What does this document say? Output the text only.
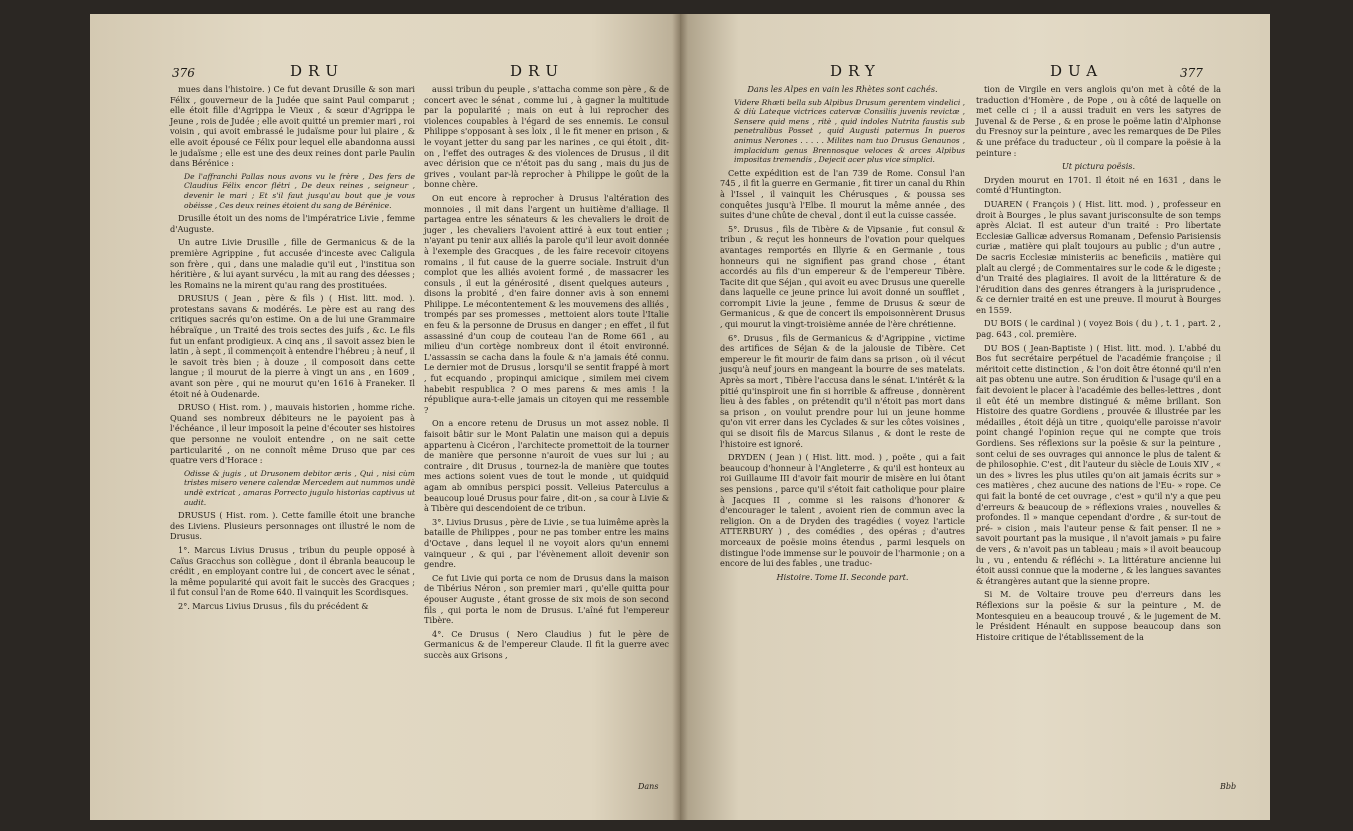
376	DRU	DRU

mues dans l'histoire. ) Ce fut devant Drusille & son mari Félix , gouverneur de la Judée que saint Paul comparut ; elle étoit fille d'Agrippa le Vieux , & sœur d'Agrippa le Jeune , rois de Judée ; elle avoit quitté un premier mari , roi voisin , qui avoit embrassé le judaïsme pour lui plaire , & elle avoit épousé ce Félix pour lequel elle abandonna aussi le judaïsme ; elle est une des deux reines dont parle Paulin dans Bérénice :

De l'affranchi Pallas nous avons vu le frère , Des fers de Claudius Félix encor flétri , De deux reines , seigneur , devenir le mari ; Et s'il faut jusqu'au bout que je vous obéisse , Ces deux reines étoient du sang de Bérénice.

Drusille étoit un des noms de l'impératrice Livie , femme d'Auguste.

Un autre Livie Drusille , fille de Germanicus & de la première Agrippine , fut accusée d'inceste avec Caligula son frère , qui , dans une maladie qu'il eut , l'institua son héritière , & lui ayant survécu , la mit au rang des déesses ; les Romains ne la mirent qu'au rang des prostituées.

DRUSIUS ( Jean , père & fils ) ( Hist. litt. mod. ). protestans savans & modérés. Le père est au rang des critiques sacrés qu'on estime. On a de lui une Grammaire hébraïque , un Traité des trois sectes des juifs , &c. Le fils fut un enfant prodigieux. A cinq ans , il savoit assez bien le latin , à sept , il commençoit à entendre l'hébreu ; à neuf , il le savoit très bien ; à douze , il composoit dans cette langue ; il mourut de la pierre à vingt un ans , en 1609 , avant son père , qui ne mourut qu'en 1616 à Franeker. Il étoit né à Oudenarde.

DRUSO ( Hist. rom. ) , mauvais historien , homme riche. Quand ses nombreux débiteurs ne le payoient pas à l'échéance , il leur imposoit la peine d'écouter ses histoires que personne ne vouloit entendre , on ne sait cette particularité , on ne connoît même Druso que par ces quatre vers d'Horace :

Odisse & jugis , ut Drusonem debitor æris , Qui , nisi cùm tristes misero venere calendæ Mercedem aut nummos undè undè extricat , amaras Porrecto jugulo historias captivus ut audit.

DRUSUS ( Hist. rom. ). Cette famille étoit une branche des Liviens. Plusieurs personnages ont illustré le nom de Drusus.

1°. Marcus Livius Drusus , tribun du peuple opposé à Caïus Gracchus son collègue , dont il ébranla beaucoup le crédit , en employant contre lui , de concert avec le sénat , la même popularité qui avoit fait le succès des Gracques ; il fut consul l'an de Rome 640. Il vainquit les Scordisques.

2°. Marcus Livius Drusus , fils du précédent &

aussi tribun du peuple , s'attacha comme son père , & de concert avec le sénat , comme lui , à gagner la multitude par la popularité ; mais on eut à lui reprocher des violences coupables à l'égard de ses ennemis. Le consul Philippe s'opposant à ses loix , il le fit mener en prison , & le voyant jetter du sang par les narines , ce qui étoit , dit-on , l'effet des outrages & des violences de Drusus , il dit avec dérision que ce n'étoit pas du sang , mais du jus de grives , voulant par-là reprocher à Philippe le goût de la bonne chère.

On eut encore à reprocher à Drusus l'altération des monnoies , il mit dans l'argent un huitième d'alliage. Il partagea entre les sénateurs & les chevaliers le droit de juger , les chevaliers l'avoient attiré à eux tout entier ; n'ayant pu tenir aux alliés la parole qu'il leur avoit donnée à l'exemple des Gracques , de les faire recevoir citoyens romains , il fut cause de la guerre sociale. Instruit d'un complot que les alliés avoient formé , de massacrer les consuls , il eut la générosité , disent quelques auteurs , disons la probité , d'en faire donner avis à son ennemi Philippe. Le mécontentement & les mouvemens des alliés , trompés par ses promesses , mettoient alors toute l'Italie en feu & la personne de Drusus en danger ; en effet , il fut assassiné d'un coup de couteau l'an de Rome 661 , au milieu d'un cortège nombreux dont il étoit environné. L'assassin se cacha dans la foule & n'a jamais été connu. Le dernier mot de Drusus , lorsqu'il se sentit frappé à mort , fut ecquando , propinqui amicique , similem mei civem habebit respublica ? O mes parens & mes amis ! la république aura-t-elle jamais un citoyen qui me ressemble ?

On a encore retenu de Drusus un mot assez noble. Il faisoit bâtir sur le Mont Palatin une maison qui a depuis appartenu à Cicéron , l'architecte promettoit de la tourner de manière que personne n'auroit de vues sur lui ; au contraire , dit Drusus , tournez-la de manière que toutes mes actions soient vues de tout le monde , ut quidquid agam ab omnibus perspici possit. Velleius Paterculus a beaucoup loué Drusus pour faire , dit-on , sa cour à Livie & à Tibère qui descendoient de ce tribun.

3°. Livius Drusus , père de Livie , se tua luimême après la bataille de Philippes , pour ne pas tomber entre les mains d'Octave , dans lequel il ne voyoit alors qu'un ennemi vainqueur , & qui , par l'évènement alloit devenir son gendre.

Ce fut Livie qui porta ce nom de Drusus dans la maison de Tibérius Néron , son premier mari , qu'elle quitta pour épouser Auguste , étant grosse de six mois de son second fils , qui porta le nom de Drusus. L'aîné fut l'empereur Tibère.

4°. Ce Drusus ( Nero Claudius ) fut le père de Germanicus & de l'empereur Claude. Il fit la guerre avec succès aux Grisons ,

Dans
DRY	DUA	377

Dans les Alpes en vain les Rhètes sont cachés.

Videre Rhæti bella sub Alpibus Drusum gerentem vindelici , & diù Lateque victrices catervæ Consiliis juvenis revictæ , Sensere quid mens , ritè , quid indoles Nutrita faustis sub penetralibus Posset , quid Augusti paternus In pueros animus Nerones . . . . . Milites nam tuo Drusus Genaunos , implacidum genus Brennosque veloces & arces Alpibus impositas tremendis , Dejecit acer plus vice simplici.

Cette expédition est de l'an 739 de Rome. Consul l'an 745 , il fit la guerre en Germanie , fit tirer un canal du Rhin à l'Issel , il vainquit les Chérusques , & poussa ses conquêtes jusqu'à l'Elbe. Il mourut la même année , des suites d'une chûte de cheval , dont il eut la cuisse cassée.

5°. Drusus , fils de Tibère & de Vipsanie , fut consul & tribun , & reçut les honneurs de l'ovation pour quelques avantages remportés en Illyrie & en Germanie , tous honneurs qui ne signifient pas grand chose , étant accordés au fils d'un empereur & de l'empereur Tibère. Tacite dit que Séjan , qui avoit eu avec Drusus une querelle dans laquelle ce jeune prince lui avoit donné un soufflet , corrompit Livie la jeune , femme de Drusus & sœur de Germanicus , & que de concert ils empoisonnèrent Drusus , qui mourut la vingt-troisième année de l'ère chrétienne.

6°. Drusus , fils de Germanicus & d'Agrippine , victime des artifices de Séjan & de la jalousie de Tibère. Cet empereur le fit mourir de faim dans sa prison , où il vécut jusqu'à neuf jours en mangeant la bourre de ses matelats. Après sa mort , Tibère l'accusa dans le sénat. L'intérêt & la pitié qu'inspiroit une fin si horrible & affreuse , donnèrent lieu à des fables , on prétendit qu'il n'étoit pas mort dans sa prison , on voulut prendre pour lui un jeune homme qu'on vit errer dans les Cyclades & sur les côtes voisines , qui se disoit fils de Marcus Silanus , & dont le reste de l'histoire est ignoré.

DRYDEN ( Jean ) ( Hist. litt. mod. ) , poëte , qui a fait beaucoup d'honneur à l'Angleterre , & qu'il est honteux au roi Guillaume III d'avoir fait mourir de misère en lui ôtant ses pensions , parce qu'il s'étoit fait catholique pour plaire à Jacques II , comme si les raisons d'honorer & d'encourager le talent , avoient rien de commun avec la religion. On a de Dryden des tragédies ( voyez l'article ATTERBURY ) , des comédies , des opéras ; d'autres morceaux de poësie moins étendus , parmi lesquels on distingue l'ode immense sur le pouvoir de l'harmonie ; on a encore de lui des fables , une traduc-

Histoire. Tome II. Seconde part.

tion de Virgile en vers anglois qu'on met à côté de la traduction d'Homère , de Pope , ou à côté de laquelle on met celle ci ; il a aussi traduit en vers les satyres de Juvenal & de Perse , & en prose le poëme latin d'Alphonse du Fresnoy sur la peinture , avec les remarques de De Piles & une préface du traducteur , où il compare la poësie à la peinture :

Ut pictura poësis.

Dryden mourut en 1701. Il étoit né en 1631 , dans le comté d'Huntington.

DUAREN ( François ) ( Hist. litt. mod. ) , professeur en droit à Bourges , le plus savant jurisconsulte de son temps après Alciat. Il est auteur d'un traité : Pro libertate Ecclesiæ Gallicæ adversus Romanam , Defensio Parisiensis curiæ , matière qui plaît toujours au public ; d'un autre , De sacris Ecclesiæ ministeriis ac beneficiis , matière qui plaît au clergé ; de Commentaires sur le code & le digeste ; d'un Traité des plagiaires. Il avoit de la littérature & de l'érudition dans des genres étrangers à la jurisprudence , & ce dernier traité en est une preuve. Il mourut à Bourges en 1559.

DU BOIS ( le cardinal ) ( voyez Bois ( du ) , t. 1 , part. 2 , pag. 643 , col. première.

DU BOS ( Jean-Baptiste ) ( Hist. litt. mod. ). L'abbé du Bos fut secrétaire perpétuel de l'académie françoise ; il méritoit cette distinction , & l'on doit être étonné qu'il n'en ait pas obtenu une autre. Son érudition & l'usage qu'il en a fait devoient le placer à l'académie des belles-lettres , dont il eût été un membre distingué & même brillant. Son Histoire des quatre Gordiens , prouvée & illustrée par les médailles , étoit déjà un titre , quoiqu'elle paroisse n'avoir point changé l'opinion reçue qui ne compte que trois Gordiens. Ses réflexions sur la poësie & sur la peinture , sont celui de ses ouvrages qui annonce le plus de talent & de philosophie. C'est , dit l'auteur du siècle de Louis XIV , « un des » livres les plus utiles qu'on ait jamais écrits sur » ces matières , chez aucune des nations de l'Eu- » rope. Ce qui fait la bonté de cet ouvrage , c'est » qu'il n'y a que peu d'erreurs & beaucoup de » réflexions vraies , nouvelles & profondes. Il » manque cependant d'ordre , & sur-tout de pré- » cision , mais l'auteur pense & fait penser. Il ne » savoit pourtant pas la musique , il n'avoit jamais » pu faire de vers , & n'avoit pas un tableau ; mais » il avoit beaucoup lu , vu , entendu & réfléchi ». La littérature ancienne lui étoit aussi connue que la moderne , & les langues savantes & étrangères autant que la sienne propre.

Si M. de Voltaire trouve peu d'erreurs dans les Réflexions sur la poësie & sur la peinture , M. de Montesquieu en a beaucoup trouvé , & le jugement de M. le Président Hénault en suppose beaucoup dans son Histoire critique de l'établissement de la

Bbb
